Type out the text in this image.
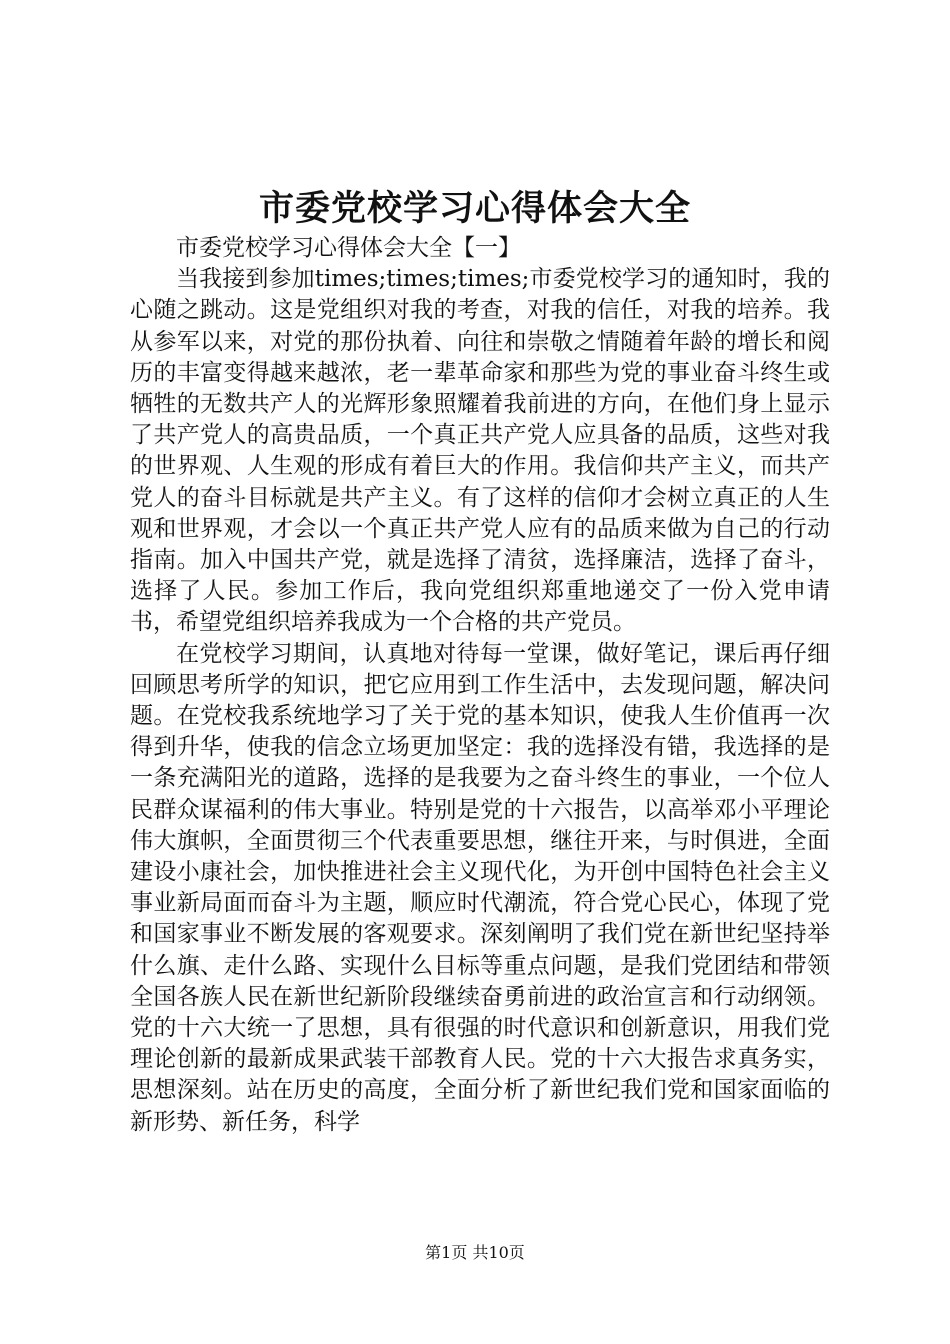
市委党校学习心得体会大全

市委党校学习心得体会大全【一】

当我接到参加times;times;times;市委党校学习的通知时，我的心随之跳动。这是党组织对我的考查，对我的信任，对我的培养。我从参军以来，对党的那份执着、向往和崇敬之情随着年龄的增长和阅历的丰富变得越来越浓，老一辈革命家和那些为党的事业奋斗终生或牺牲的无数共产人的光辉形象照耀着我前进的方向，在他们身上显示了共产党人的高贵品质，一个真正共产党人应具备的品质，这些对我的世界观、人生观的形成有着巨大的作用。我信仰共产主义，而共产党人的奋斗目标就是共产主义。有了这样的信仰才会树立真正的人生观和世界观，才会以一个真正共产党人应有的品质来做为自己的行动指南。加入中国共产党，就是选择了清贫，选择廉洁，选择了奋斗，选择了人民。参加工作后，我向党组织郑重地递交了一份入党申请书，希望党组织培养我成为一个合格的共产党员。

在党校学习期间，认真地对待每一堂课，做好笔记，课后再仔细回顾思考所学的知识，把它应用到工作生活中，去发现问题，解决问题。在党校我系统地学习了关于党的基本知识，使我人生价值再一次得到升华，使我的信念立场更加坚定：我的选择没有错，我选择的是一条充满阳光的道路，选择的是我要为之奋斗终生的事业，一个位人民群众谋福利的伟大事业。特别是党的十六报告，以高举邓小平理论伟大旗帜，全面贯彻三个代表重要思想，继往开来，与时俱进，全面建设小康社会，加快推进社会主义现代化，为开创中国特色社会主义事业新局面而奋斗为主题，顺应时代潮流，符合党心民心，体现了党和国家事业不断发展的客观要求。深刻阐明了我们党在新世纪坚持举什么旗、走什么路、实现什么目标等重点问题，是我们党团结和带领全国各族人民在新世纪新阶段继续奋勇前进的政治宣言和行动纲领。党的十六大统一了思想，具有很强的时代意识和创新意识，用我们党理论创新的最新成果武装干部教育人民。党的十六大报告求真务实，思想深刻。站在历史的高度，全面分析了新世纪我们党和国家面临的新形势、新任务，科学

第1页 共10页
